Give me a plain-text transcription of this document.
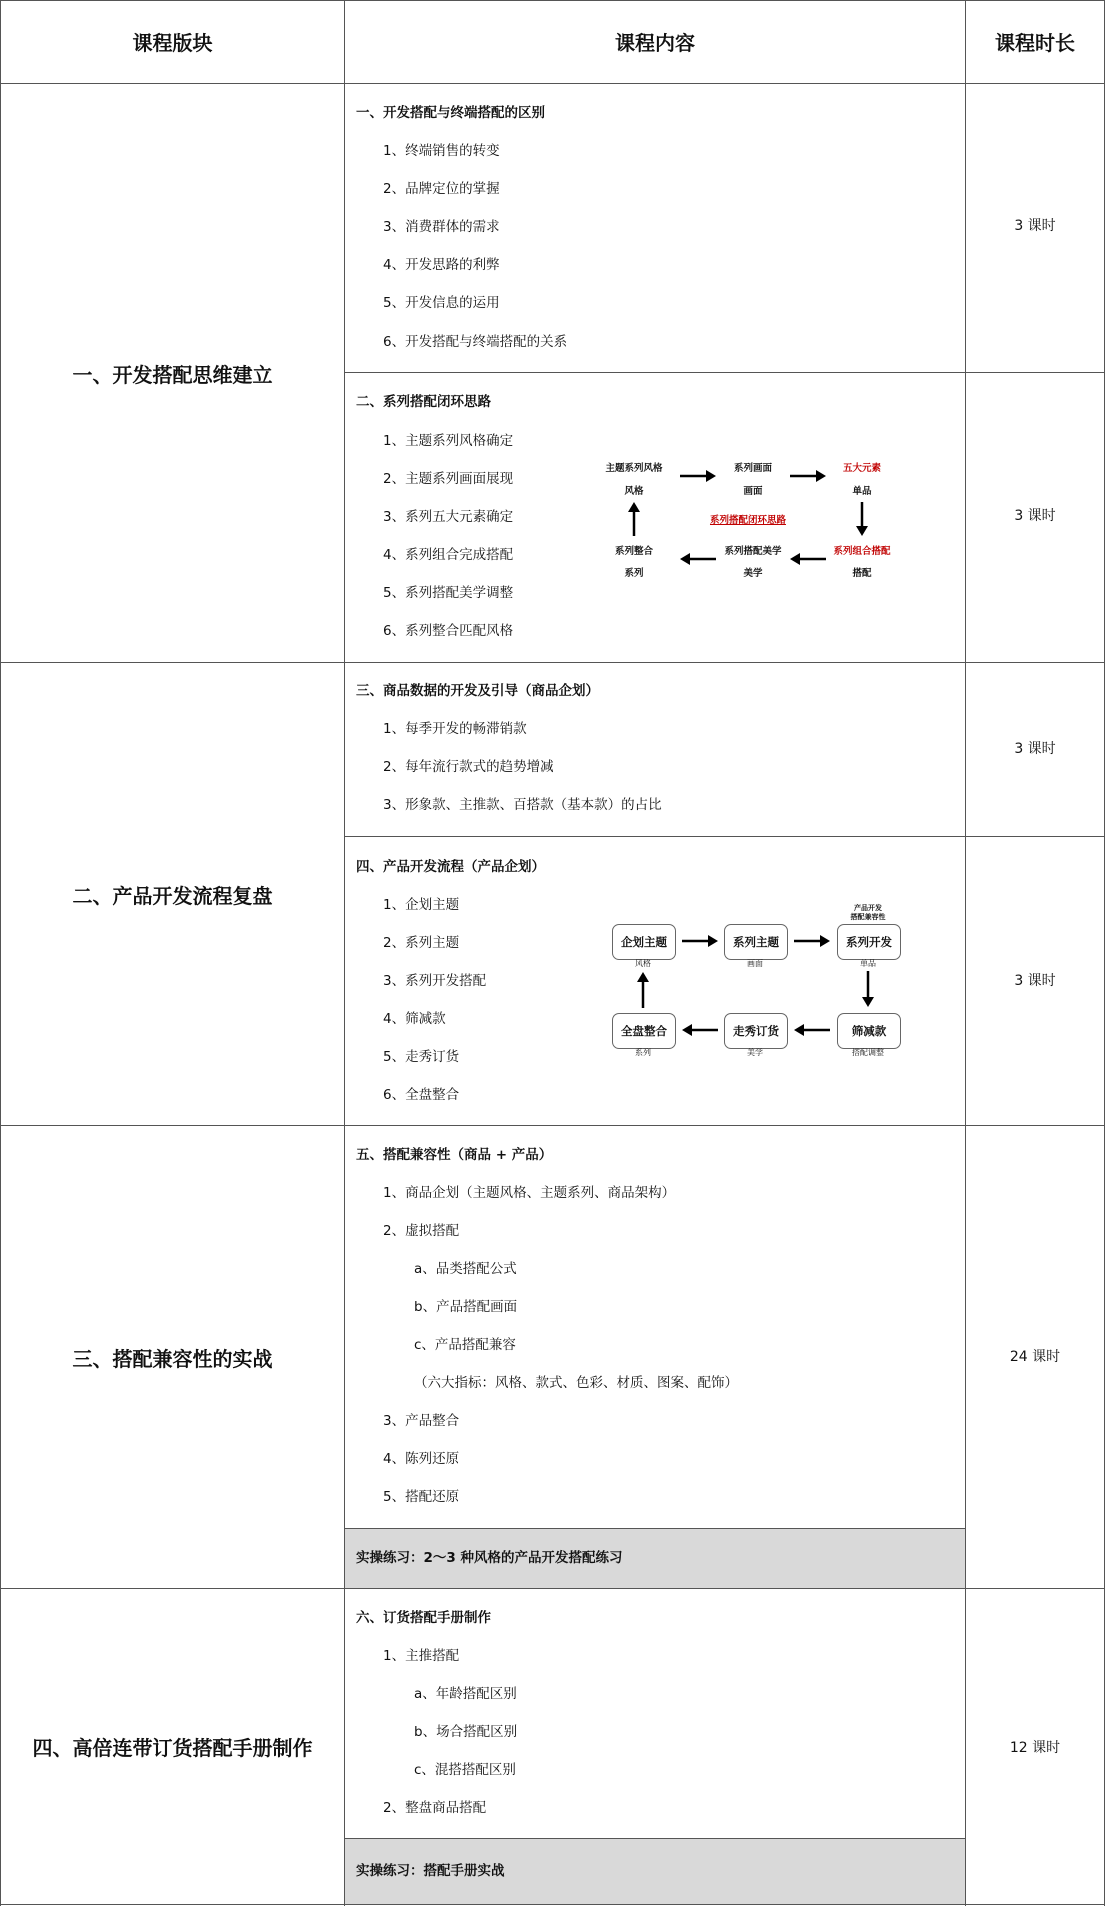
课程版块	课程内容	课程时长
一、开发搭配思维建立
二、产品开发流程复盘
三、搭配兼容性的实战
四、高倍连带订货搭配手册制作
3 课时
3 课时
3 课时
3 课时
24 课时
12 课时
一、开发搭配与终端搭配的区别
1、终端销售的转变
2、品牌定位的掌握
3、消费群体的需求
4、开发思路的利弊
5、开发信息的运用
6、开发搭配与终端搭配的关系
二、系列搭配闭环思路
1、主题系列风格确定
2、主题系列画面展现
3、系列五大元素确定
4、系列组合完成搭配
5、系列搭配美学调整
6、系列整合匹配风格
主题系列风格
风格
系列画面
画面
五大元素
单品
系列组合搭配
搭配
系列搭配美学
美学
系列整合
系列
系列搭配闭环思路
三、商品数据的开发及引导（商品企划）
1、每季开发的畅滞销款
2、每年流行款式的趋势增减
3、形象款、主推款、百搭款（基本款）的占比
四、产品开发流程（产品企划）
1、企划主题
2、系列主题
3、系列开发搭配
4、筛减款
5、走秀订货
6、全盘整合
企划主题
风格
系列主题
画面
产品开发
搭配兼容性
系列开发
单品
筛减款
搭配调整
走秀订货
美学
全盘整合
系列
五、搭配兼容性（商品 + 产品）
1、商品企划（主题风格、主题系列、商品架构）
2、虚拟搭配
a、品类搭配公式
b、产品搭配画面
c、产品搭配兼容
（六大指标：风格、款式、色彩、材质、图案、配饰）
3、产品整合
4、陈列还原
5、搭配还原
实操练习：2～3 种风格的产品开发搭配练习
六、订货搭配手册制作
1、主推搭配
a、年龄搭配区别
b、场合搭配区别
c、混搭搭配区别
2、整盘商品搭配
实操练习：搭配手册实战
